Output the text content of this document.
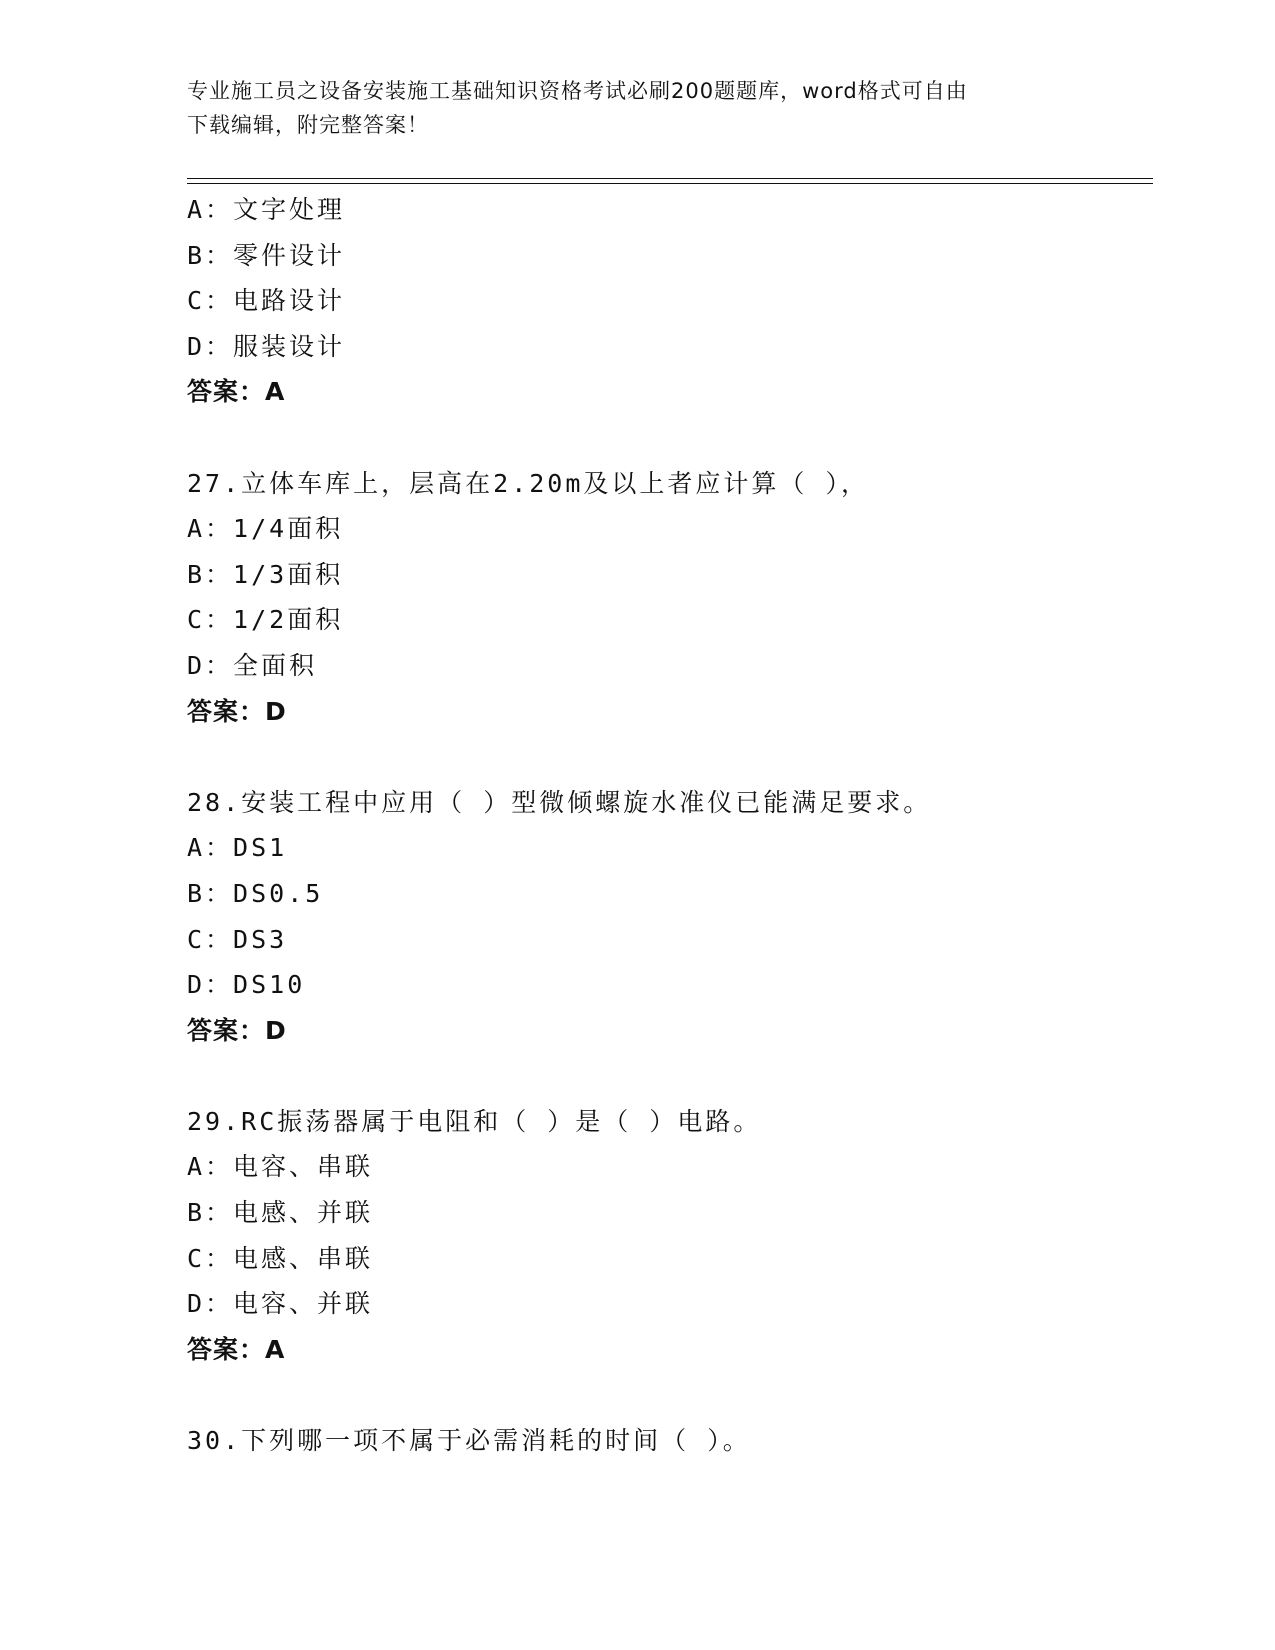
专业施工员之设备安装施工基础知识资格考试必刷200题题库，word格式可自由
下载编辑，附完整答案！
A：文字处理
B：零件设计
C：电路设计
D：服装设计
答案：A
27.立体车库上，层高在2.20m及以上者应计算（ ），
A：1/4面积
B：1/3面积
C：1/2面积
D：全面积
答案：D
28.安装工程中应用（ ）型微倾螺旋水准仪已能满足要求。
A：DS1
B：DS0.5
C：DS3
D：DS10
答案：D
29.RC振荡器属于电阻和（ ）是（ ）电路。
A：电容、串联
B：电感、并联
C：电感、串联
D：电容、并联
答案：A
30.下列哪一项不属于必需消耗的时间（ ）。
